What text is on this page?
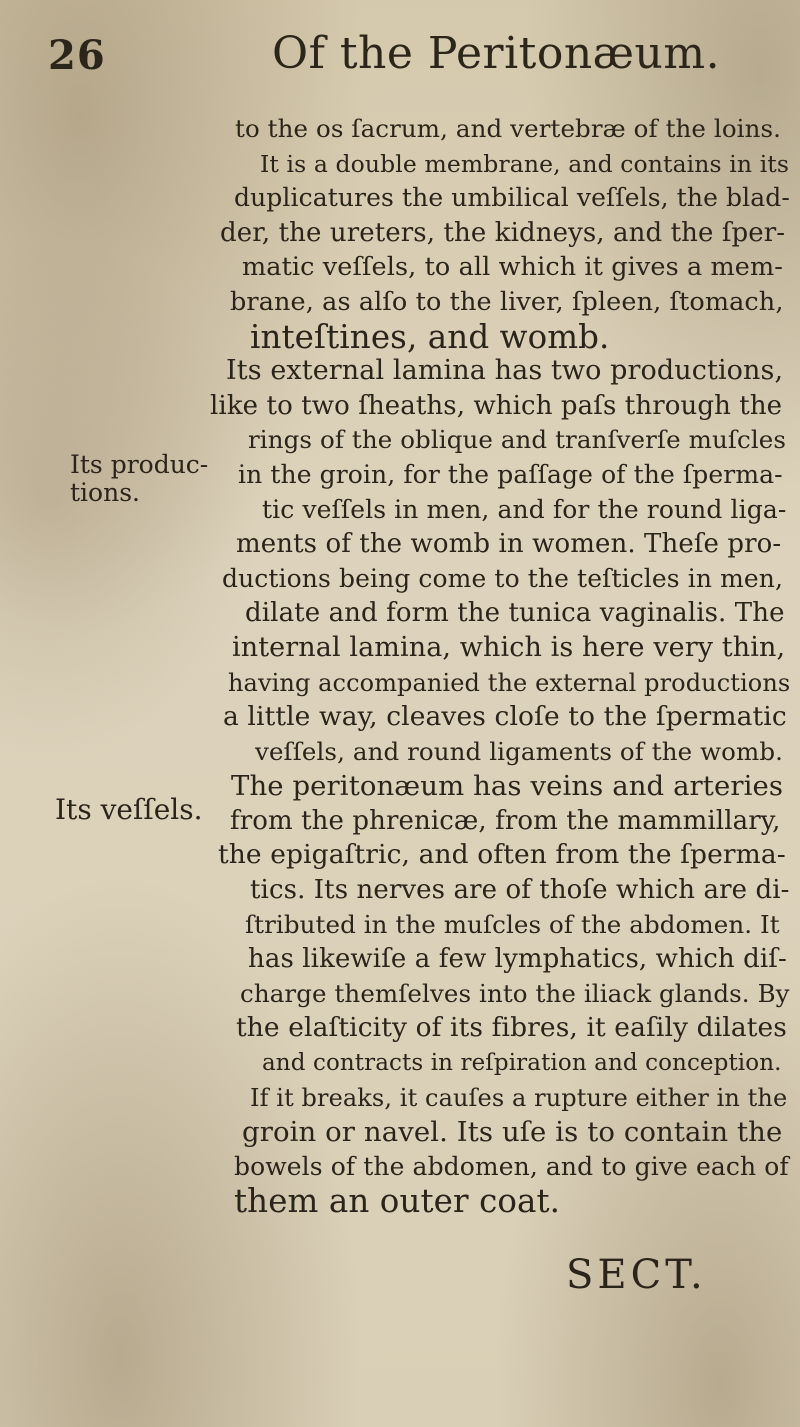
26	Of the Peritonæum.
Its produc-
tions.
Its veſſels.
to the os ſacrum, and vertebræ of the loins.
It is a double membrane, and contains in its
duplicatures the umbilical veſſels, the blad-
der, the ureters, the kidneys, and the ſper-
matic veſſels, to all which it gives a mem-
brane, as alſo to the liver, ſpleen, ſtomach,
inteſtines, and womb.
Its external lamina has two productions,
like to two ſheaths, which paſs through the
rings of the oblique and tranſverſe muſcles
in the groin, for the paſſage of the ſperma-
tic veſſels in men, and for the round liga-
ments of the womb in women. Theſe pro-
ductions being come to the teſticles in men,
dilate and form the tunica vaginalis. The
internal lamina, which is here very thin,
having accompanied the external productions
a little way, cleaves cloſe to the ſpermatic
veſſels, and round ligaments of the womb.
The peritonæum has veins and arteries
from the phrenicæ, from the mammillary,
the epigaſtric, and often from the ſperma-
tics. Its nerves are of thoſe which are di-
ſtributed in the muſcles of the abdomen. It
has likewiſe a few lymphatics, which diſ-
charge themſelves into the iliack glands. By
the elaſticity of its fibres, it eaſily dilates
and contracts in reſpiration and conception.
If it breaks, it cauſes a rupture either in the
groin or navel. Its uſe is to contain the
bowels of the abdomen, and to give each of
them an outer coat.
SECT.
